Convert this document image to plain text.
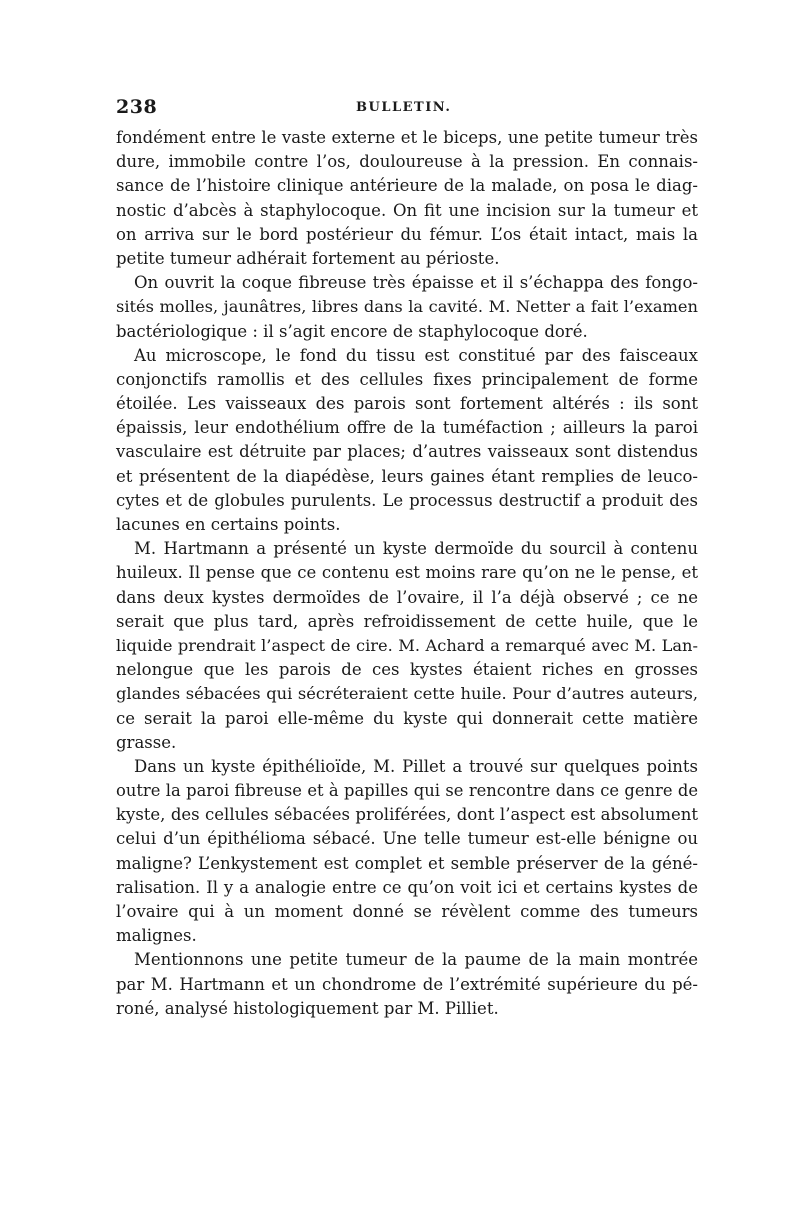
238	BULLETIN.
fondément entre le vaste externe et le biceps, une petite tumeur très
dure, immobile contre l’os, douloureuse à la pression. En connais-
sance de l’histoire clinique antérieure de la malade, on posa le diag-
nostic d’abcès à staphylocoque. On fit une incision sur la tumeur et
on arriva sur le bord postérieur du fémur. L’os était intact, mais la
petite tumeur adhérait fortement au périoste.
On ouvrit la coque fibreuse très épaisse et il s’échappa des fongo-
sités molles, jaunâtres, libres dans la cavité. M. Netter a fait l’examen
bactériologique : il s’agit encore de staphylocoque doré.
Au microscope, le fond du tissu est constitué par des faisceaux
conjonctifs ramollis et des cellules fixes principalement de forme
étoilée. Les vaisseaux des parois sont fortement altérés : ils sont
épaissis, leur endothélium offre de la tuméfaction ; ailleurs la paroi
vasculaire est détruite par places; d’autres vaisseaux sont distendus
et présentent de la diapédèse, leurs gaines étant remplies de leuco-
cytes et de globules purulents. Le processus destructif a produit des
lacunes en certains points.
M. Hartmann a présenté un kyste dermoïde du sourcil à contenu
huileux. Il pense que ce contenu est moins rare qu’on ne le pense, et
dans deux kystes dermoïdes de l’ovaire, il l’a déjà observé ; ce ne
serait que plus tard, après refroidissement de cette huile, que le
liquide prendrait l’aspect de cire. M. Achard a remarqué avec M. Lan-
nelongue que les parois de ces kystes étaient riches en grosses
glandes sébacées qui sécréteraient cette huile. Pour d’autres auteurs,
ce serait la paroi elle-même du kyste qui donnerait cette matière
grasse.
Dans un kyste épithélioïde, M. Pillet a trouvé sur quelques points
outre la paroi fibreuse et à papilles qui se rencontre dans ce genre de
kyste, des cellules sébacées proliférées, dont l’aspect est absolument
celui d’un épithélioma sébacé. Une telle tumeur est-elle bénigne ou
maligne? L’enkystement est complet et semble préserver de la géné-
ralisation. Il y a analogie entre ce qu’on voit ici et certains kystes de
l’ovaire qui à un moment donné se révèlent comme des tumeurs
malignes.
Mentionnons une petite tumeur de la paume de la main montrée
par M. Hartmann et un chondrome de l’extrémité supérieure du pé-
roné, analysé histologiquement par M. Pilliet.
